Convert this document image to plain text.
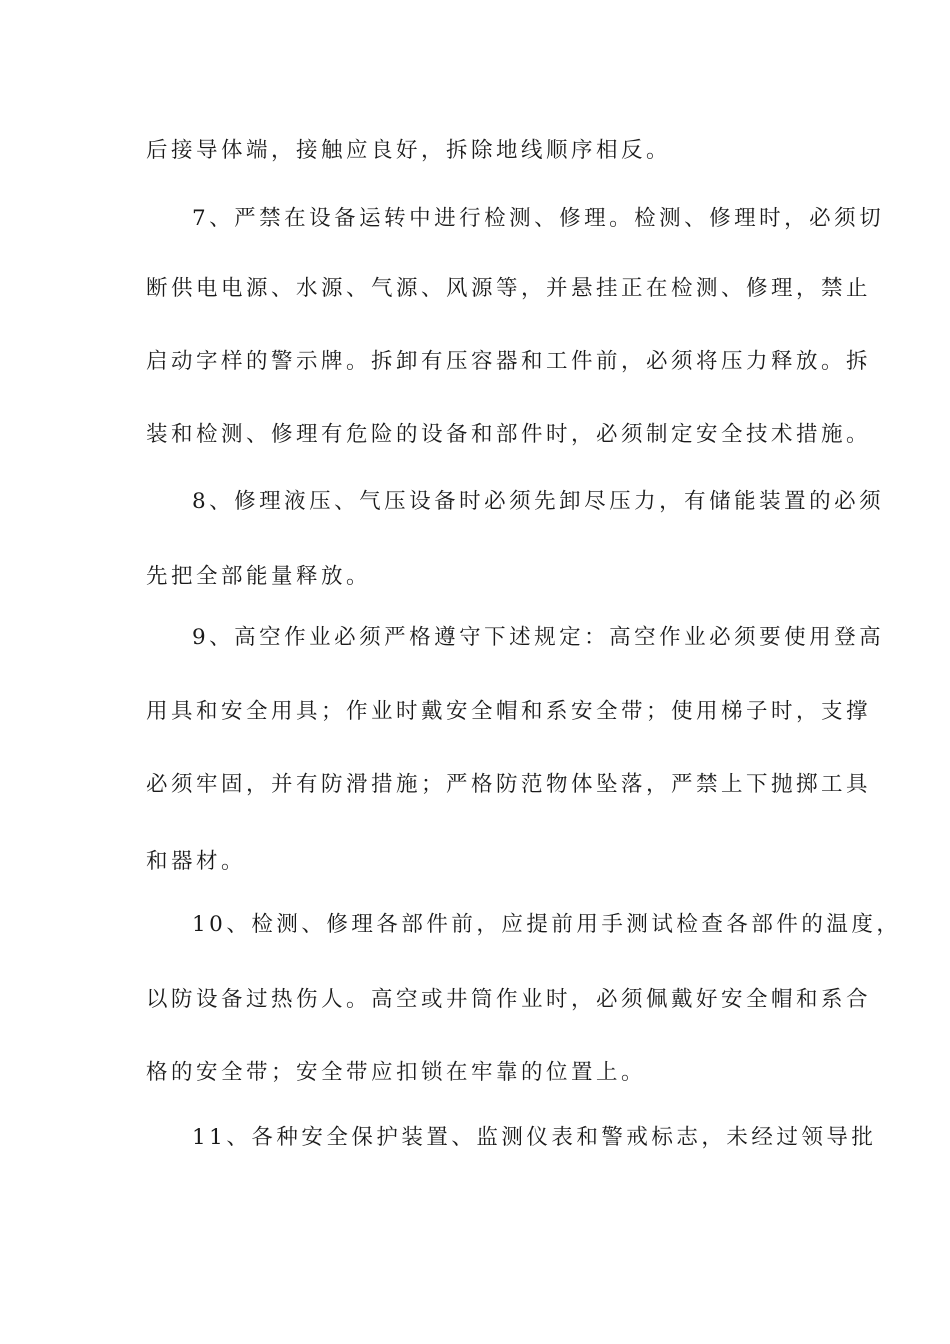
后接导体端，接触应良好，拆除地线顺序相反。
7、严禁在设备运转中进行检测、修理。检测、修理时，必须切
断供电电源、水源、气源、风源等，并悬挂正在检测、修理，禁止
启动字样的警示牌。拆卸有压容器和工件前，必须将压力释放。拆
装和检测、修理有危险的设备和部件时，必须制定安全技术措施。
8、修理液压、气压设备时必须先卸尽压力，有储能装置的必须
先把全部能量释放。
9、高空作业必须严格遵守下述规定：高空作业必须要使用登高
用具和安全用具；作业时戴安全帽和系安全带；使用梯子时，支撑
必须牢固，并有防滑措施；严格防范物体坠落，严禁上下抛掷工具
和器材。
10、检测、修理各部件前，应提前用手测试检查各部件的温度，
以防设备过热伤人。高空或井筒作业时，必须佩戴好安全帽和系合
格的安全带；安全带应扣锁在牢靠的位置上。
11、各种安全保护装置、监测仪表和警戒标志，未经过领导批
